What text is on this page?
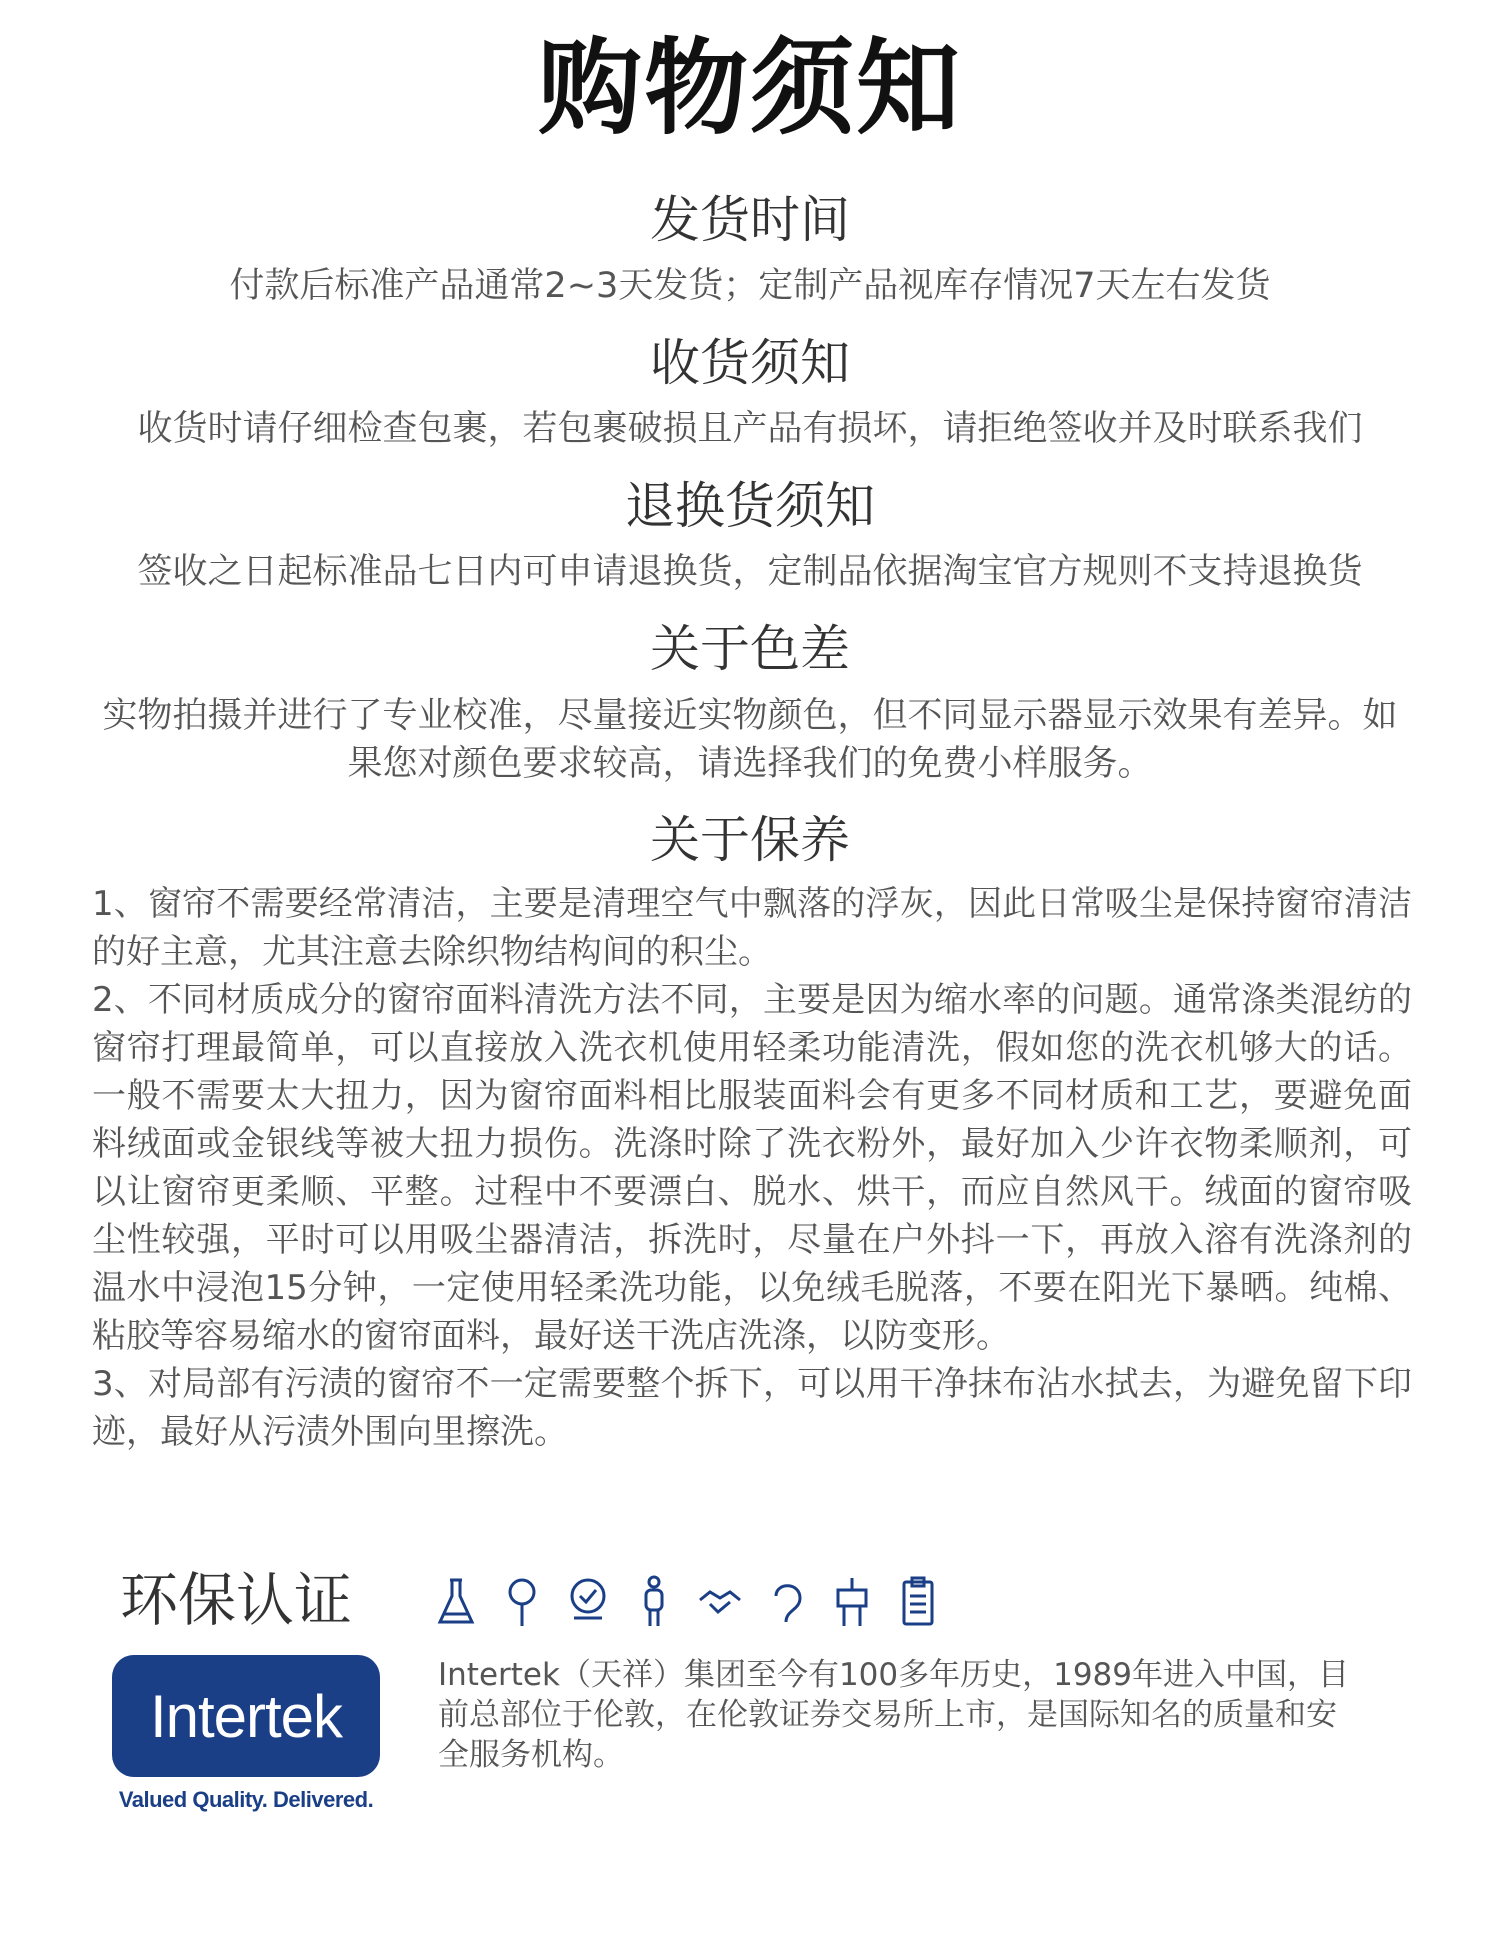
购物须知
发货时间
付款后标准产品通常2~3天发货；定制产品视库存情况7天左右发货
收货须知
收货时请仔细检查包裹，若包裹破损且产品有损坏，请拒绝签收并及时联系我们
退换货须知
签收之日起标准品七日内可申请退换货，定制品依据淘宝官方规则不支持退换货
关于色差
实物拍摄并进行了专业校准，尽量接近实物颜色，但不同显示器显示效果有差异。如果您对颜色要求较高，请选择我们的免费小样服务。
关于保养

1、窗帘不需要经常清洁，主要是清理空气中飘落的浮灰，因此日常吸尘是保持窗帘清洁的好主意，尤其注意去除织物结构间的积尘。

2、不同材质成分的窗帘面料清洗方法不同，主要是因为缩水率的问题。通常涤类混纺的窗帘打理最简单，可以直接放入洗衣机使用轻柔功能清洗，假如您的洗衣机够大的话。一般不需要太大扭力，因为窗帘面料相比服装面料会有更多不同材质和工艺，要避免面料绒面或金银线等被大扭力损伤。洗涤时除了洗衣粉外，最好加入少许衣物柔顺剂，可以让窗帘更柔顺、平整。过程中不要漂白、脱水、烘干，而应自然风干。绒面的窗帘吸尘性较强，平时可以用吸尘器清洁，拆洗时，尽量在户外抖一下，再放入溶有洗涤剂的温水中浸泡15分钟，一定使用轻柔洗功能，以免绒毛脱落，不要在阳光下暴晒。纯棉、粘胶等容易缩水的窗帘面料，最好送干洗店洗涤，以防变形。

3、对局部有污渍的窗帘不一定需要整个拆下，可以用干净抹布沾水拭去，为避免留下印迹，最好从污渍外围向里擦洗。

环保认证
Intertek
Valued Quality. Delivered.
Intertek（天祥）集团至今有100多年历史，1989年进入中国，目前总部位于伦敦，在伦敦证券交易所上市，是国际知名的质量和安全服务机构。
